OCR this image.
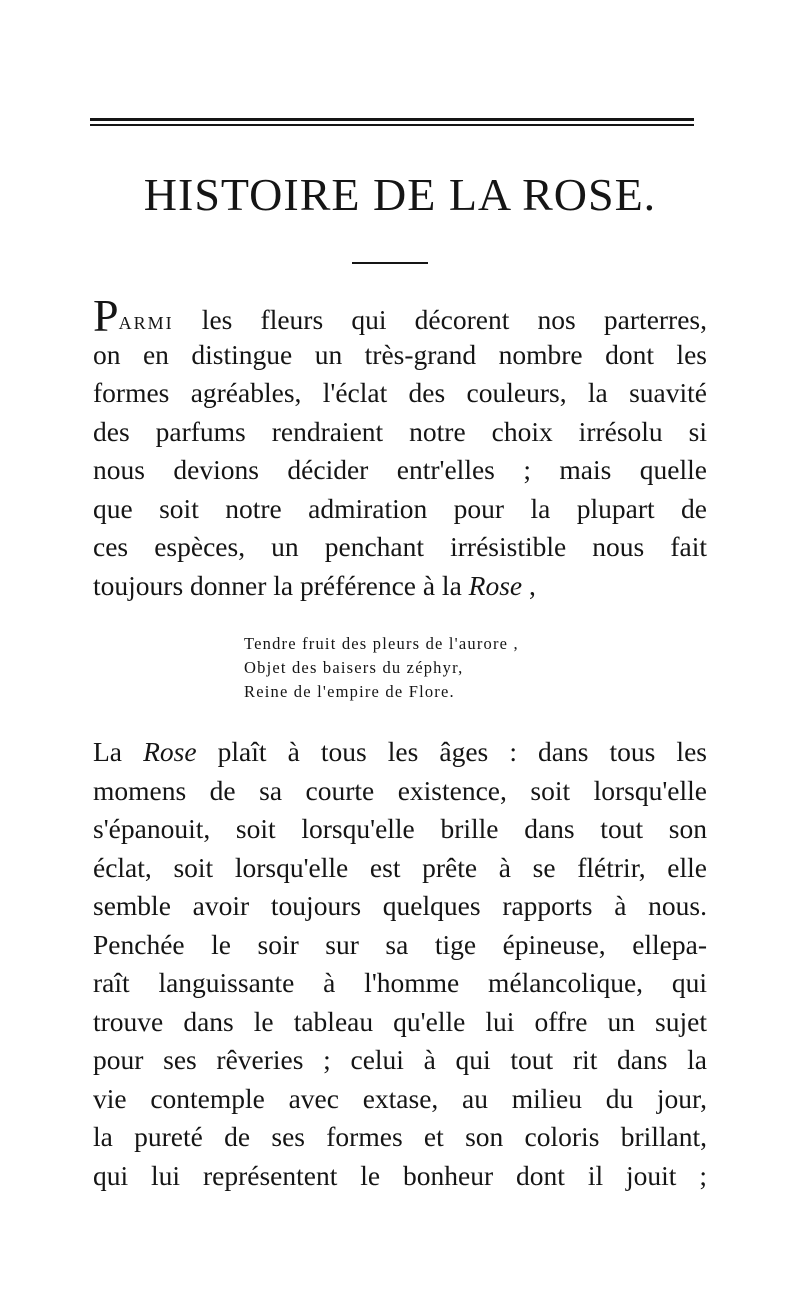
HISTOIRE DE LA ROSE.
PARMI les fleurs qui décorent nos parterres,
on en distingue un très-grand nombre dont les
formes agréables, l'éclat des couleurs, la suavité
des parfums rendraient notre choix irrésolu si
nous devions décider entr'elles ; mais quelle
que soit notre admiration pour la plupart de
ces espèces, un penchant irrésistible nous fait
toujours donner la préférence à la Rose ,
Tendre fruit des pleurs de l'aurore ,
Objet des baisers du zéphyr,
Reine de l'empire de Flore.
La Rose plaît à tous les âges : dans tous les
momens de sa courte existence, soit lorsqu'elle
s'épanouit, soit lorsqu'elle brille dans tout son
éclat, soit lorsqu'elle est prête à se flétrir, elle
semble avoir toujours quelques rapports à nous.
Penchée le soir sur sa tige épineuse, ellepa-
raît languissante à l'homme mélancolique, qui
trouve dans le tableau qu'elle lui offre un sujet
pour ses rêveries ; celui à qui tout rit dans la
vie contemple avec extase, au milieu du jour,
la pureté de ses formes et son coloris brillant,
qui lui représentent le bonheur dont il jouit ;
